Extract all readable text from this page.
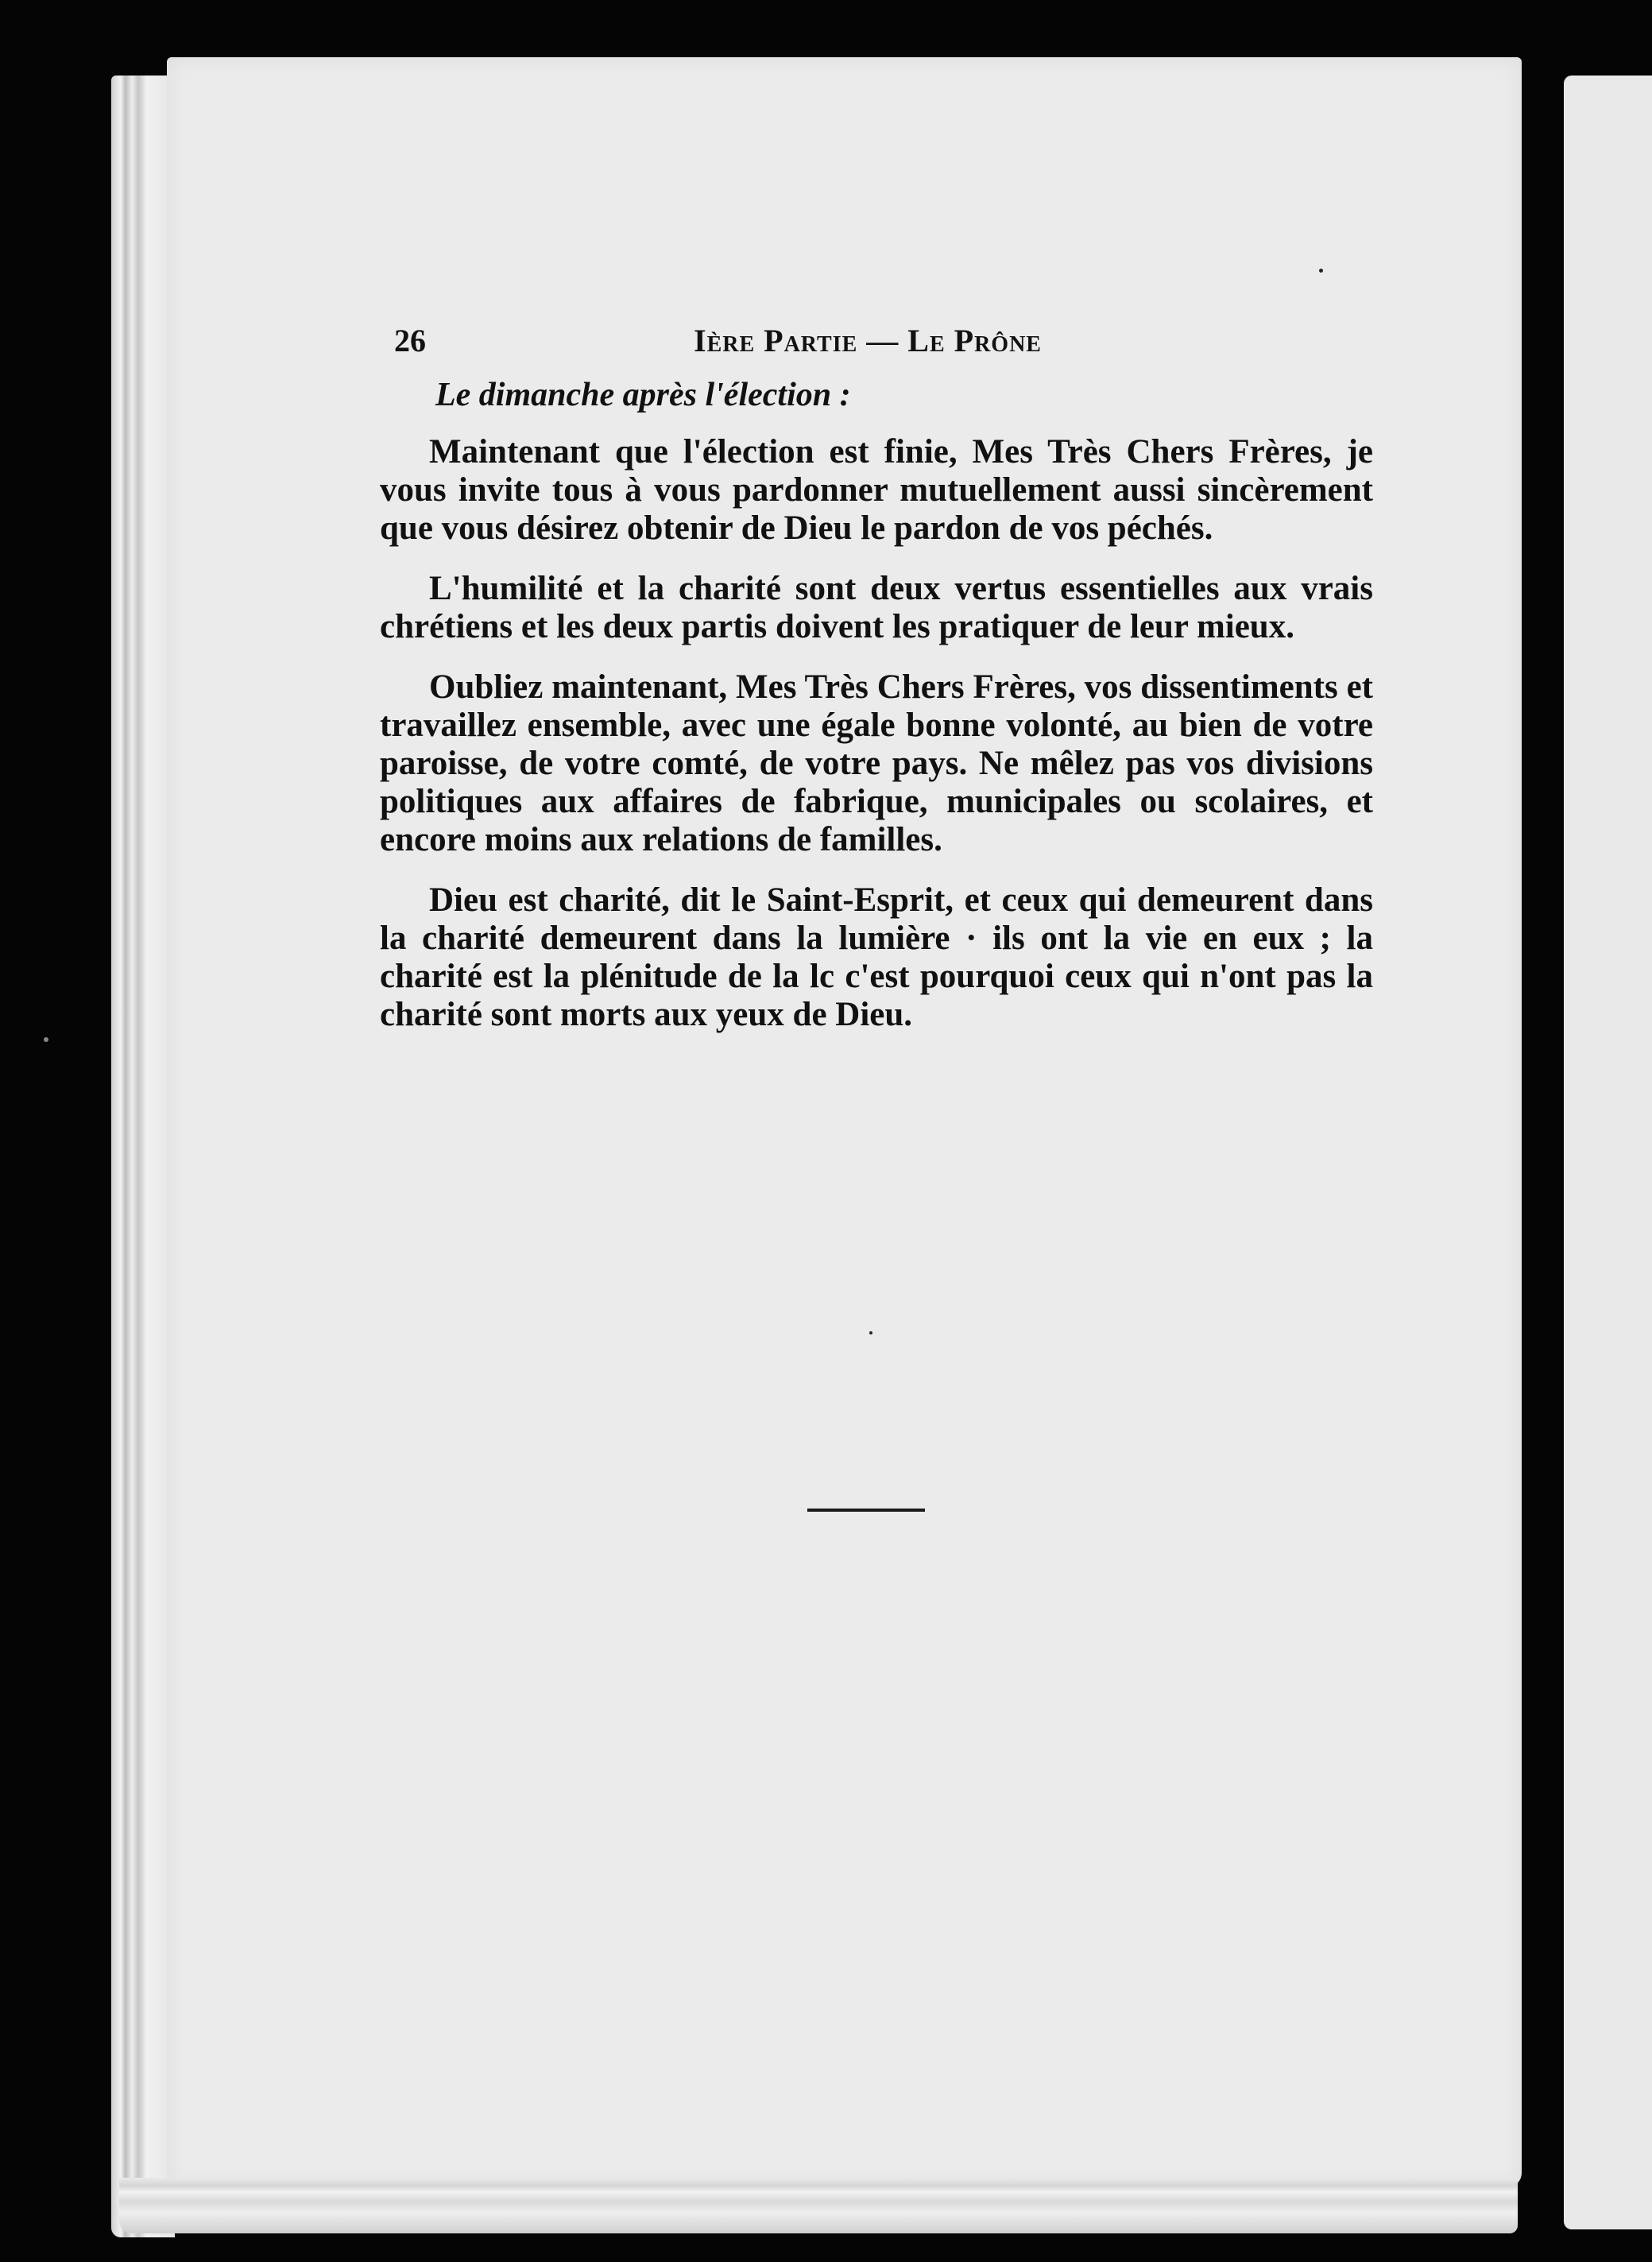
26	Ière Partie — Le Prône
Le dimanche après l'élection :

Maintenant que l'élection est finie, Mes Très Chers Frères, je vous invite tous à vous pardonner mutuellement aussi sincèrement que vous désirez obtenir de Dieu le pardon de vos péchés.

L'humilité et la charité sont deux vertus essentielles aux vrais chrétiens et les deux partis doivent les pratiquer de leur mieux.

Oubliez maintenant, Mes Très Chers Frères, vos dissentiments et travaillez ensemble, avec une égale bonne volonté, au bien de votre paroisse, de votre comté, de votre pays. Ne mêlez pas vos divisions politiques aux affaires de fabrique, municipales ou scolaires, et encore moins aux relations de familles.

Dieu est charité, dit le Saint-Esprit, et ceux qui demeurent dans la charité demeurent dans la lumière · ils ont la vie en eux ; la charité est la plénitude de la lc c'est pourquoi ceux qui n'ont pas la charité sont morts aux yeux de Dieu.
